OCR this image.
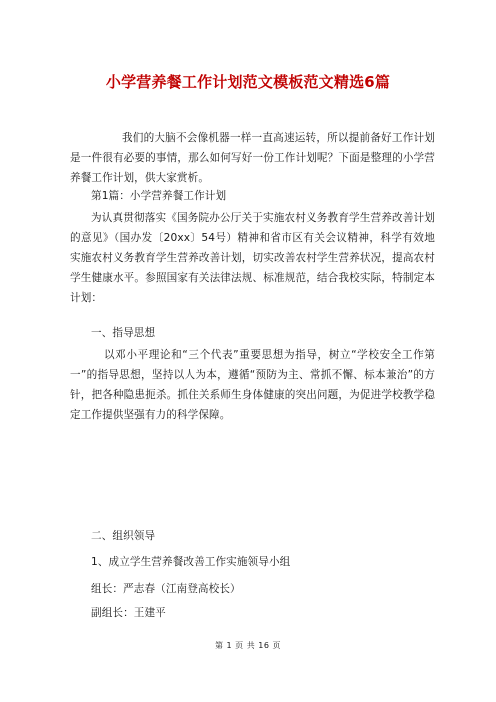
小学营养餐工作计划范文模板范文精选6篇
我们的大脑不会像机器一样一直高速运转，所以提前备好工作计划是一件很有必要的事情，那么如何写好一份工作计划呢？下面是整理的小学营养餐工作计划，供大家赏析。
第1篇：小学营养餐工作计划
为认真贯彻落实《国务院办公厅关于实施农村义务教育学生营养改善计划的意见》（国办发〔20xx〕54号）精神和省市区有关会议精神，科学有效地实施农村义务教育学生营养改善计划，切实改善农村学生营养状况，提高农村学生健康水平。参照国家有关法律法规、标准规范，结合我校实际，特制定本计划：
一、指导思想
以邓小平理论和“三个代表”重要思想为指导，树立“学校安全工作第一”的指导思想，坚持以人为本，遵循“预防为主、常抓不懈、标本兼治”的方针，把各种隐患扼杀。抓住关系师生身体健康的突出问题，为促进学校教学稳定工作提供坚强有力的科学保障。
二、组织领导
1、成立学生营养餐改善工作实施领导小组
组长：严志春（江南登高校长）
副组长：王建平
第 1 页 共 16 页
